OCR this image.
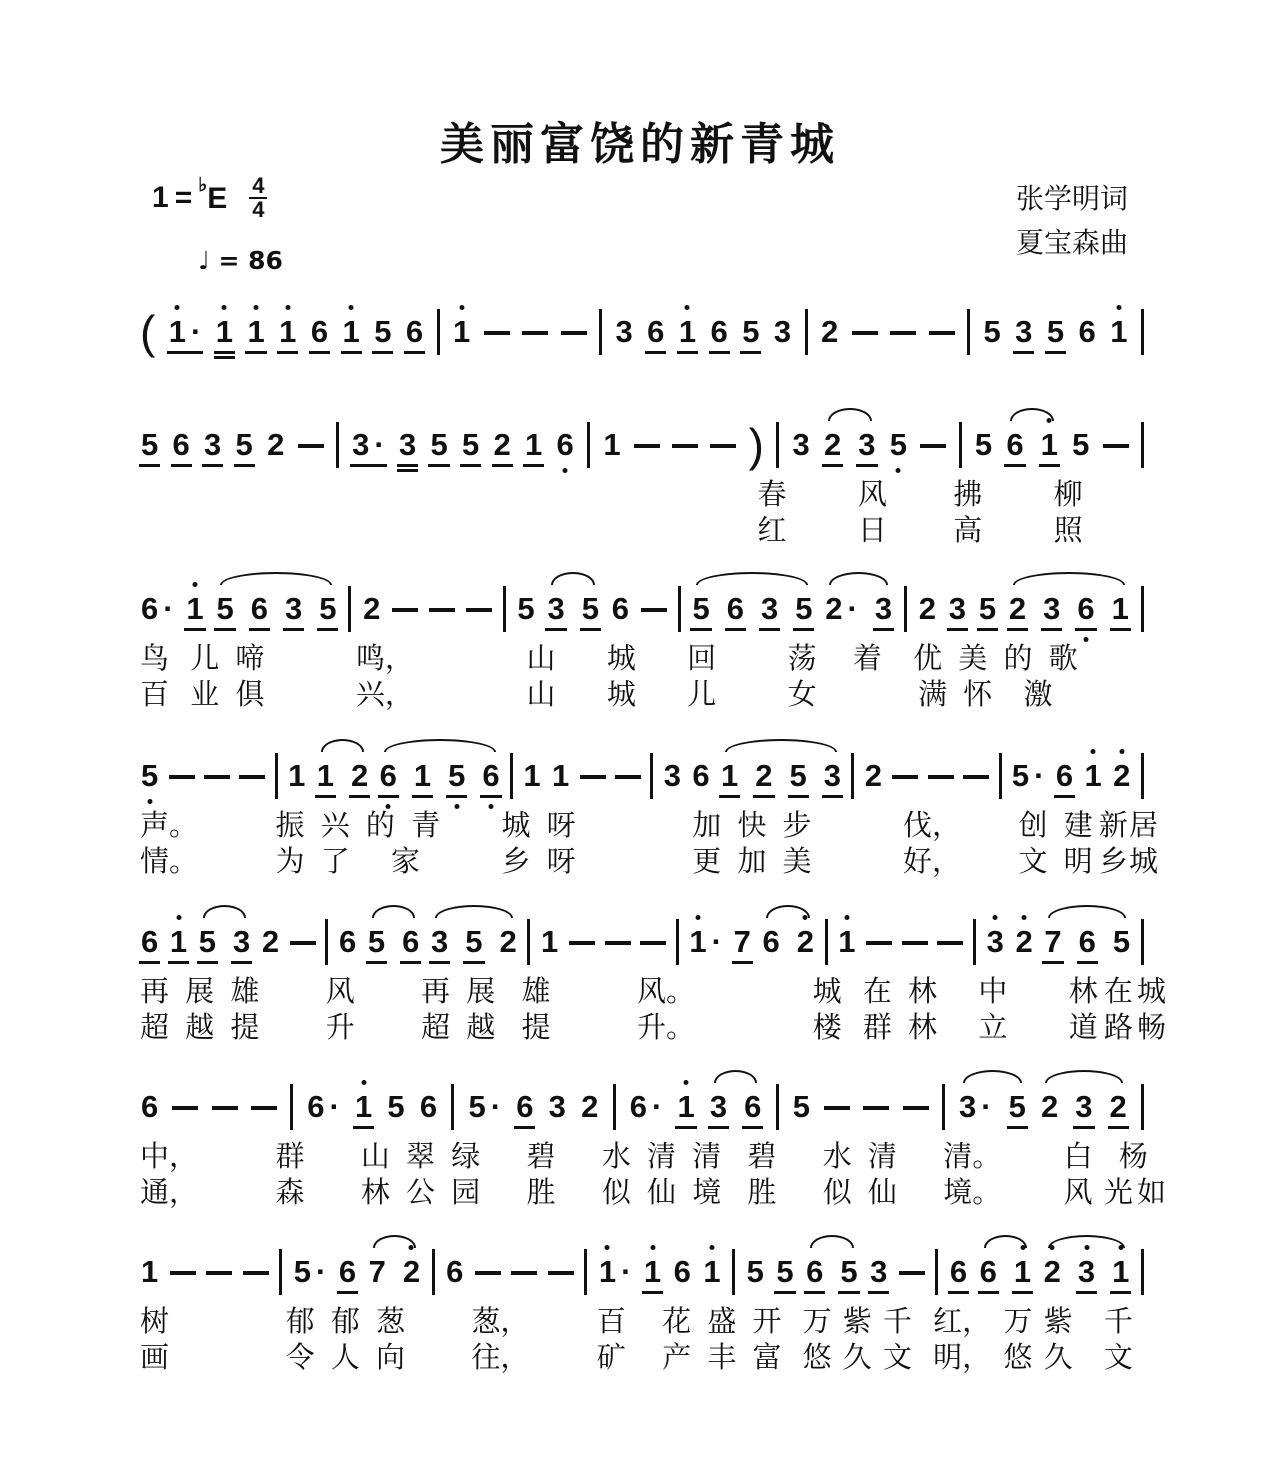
美丽富饶的新青城
$1 = ^♭E \frac{4}{4}$
♩ = 86
张学明词
夏宝森曲
( 1 · 1 1 1 6 1 5 6 1	3 6 1 6 5 3 2	5 3 5 6 1
5 6 3 5 2 3 · 3 5 5 2 1 6 1	) 3 2 3 5 5 6 1 5
春 风 拂 柳
红 日 高 照
6 · 1 5 6 3 5 2	5 3 5 6 5 6 3 5 2 · 3 2 3 5 2 3 6 1
鸟 儿 啼	鸣，	山 城 回 荡 着 优 美 的 歌
百 业 俱	兴，	山 城 儿 女	满 怀 激
5	1 1 2 6 1 5 6 1 1	3 6 1 2 5 3 2	5 · 6 1 2
声。	振 兴 的 青 城 呀	加 快 步	伐， 创 建 新 居
情。	为 了 家	乡 呀	更 加 美	好， 文 明 乡 城
6 1 5 3 2 6 5 6 3 5 2 1	1 · 7 6 2 1	3 2 7 6 5
再 展 雄 风 再 展 雄	风。	城 在 林 中 林 在 城
超 越 提 升 超 越 提	升。	楼 群 林 立 道 路 畅
6	6 · 1 5 6 5 · 6 3 2 6 · 1 3 6 5	3 · 5 2 3 2
中，	群 山 翠 绿 碧 水 清 清 碧 水 清 清。 白 杨
通，	森 林 公 园 胜 似 仙 境 胜 似 仙 境。 风 光 如
1	5 · 6 7 2 6	1 · 1 6 1 5 5 6 5 3 6 6 1 2 3 1
树	郁 郁 葱 葱， 百 花 盛 开 万 紫 千 红， 万 紫 千
画	令 人 向 往， 矿 产 丰 富 悠 久 文 明， 悠 久 文
